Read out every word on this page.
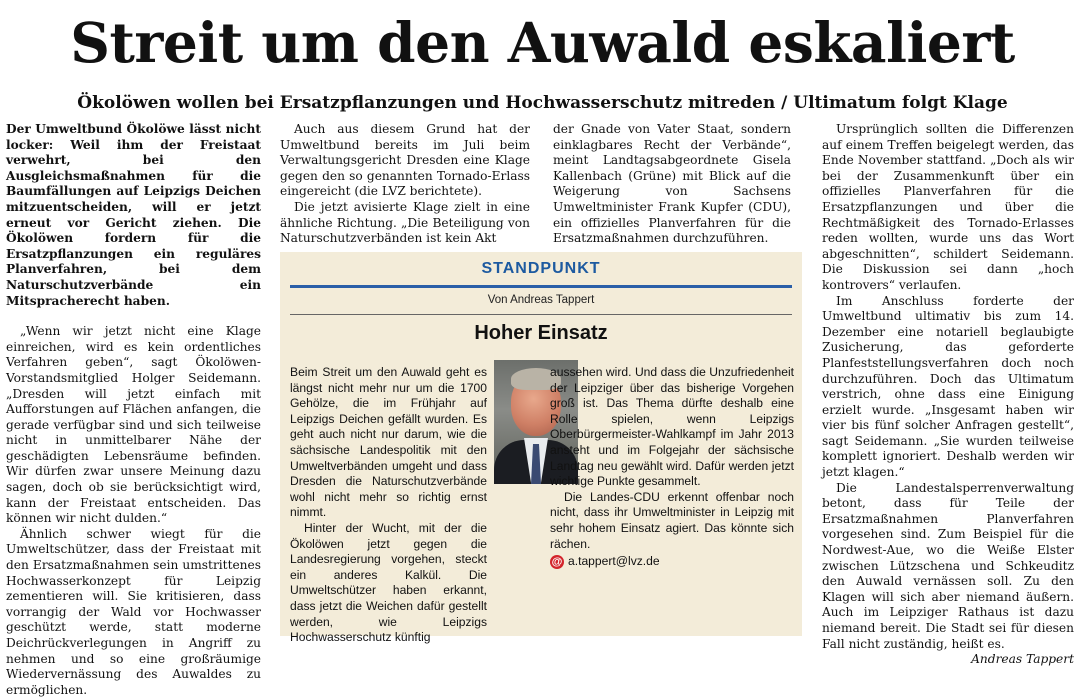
Streit um den Auwald eskaliert
Ökolöwen wollen bei Ersatzpflanzungen und Hochwasserschutz mitreden / Ultimatum folgt Klage

Der Umweltbund Ökolöwe lässt nicht locker: Weil ihm der Freistaat verwehrt, bei den Ausgleichsmaßnahmen für die Baumfällungen auf Leipzigs Deichen mitzuentscheiden, will er jetzt erneut vor Gericht ziehen. Die Ökolöwen fordern für die Ersatzpflanzungen ein reguläres Planverfahren, bei dem Naturschutzverbände ein Mitspracherecht haben.

„Wenn wir jetzt nicht eine Klage einreichen, wird es kein ordentliches Verfahren geben“, sagt Ökolöwen-Vorstandsmitglied Holger Seidemann. „Dresden will jetzt einfach mit Aufforstungen auf Flächen anfangen, die gerade verfügbar sind und sich teilweise nicht in unmittelbarer Nähe der geschädigten Lebensräume befinden. Wir dürfen zwar unsere Meinung dazu sagen, doch ob sie berücksichtigt wird, kann der Freistaat entscheiden. Das können wir nicht dulden.“

Ähnlich schwer wiegt für die Umweltschützer, dass der Freistaat mit den Ersatzmaßnahmen sein umstrittenes Hochwasserkonzept für Leipzig zementieren will. Sie kritisieren, dass vorrangig der Wald vor Hochwasser geschützt werde, statt moderne Deichrückverlegungen in Angriff zu nehmen und so eine großräumige Wiedervernässung des Auwaldes zu ermöglichen.

Auch aus diesem Grund hat der Umweltbund bereits im Juli beim Verwaltungsgericht Dresden eine Klage gegen den so genannten Tornado-Erlass eingereicht (die LVZ berichtete).

Die jetzt avisierte Klage zielt in eine ähnliche Richtung. „Die Beteiligung von Naturschutzverbänden ist kein Akt

der Gnade von Vater Staat, sondern einklagbares Recht der Verbände“, meint Landtagsabgeordnete Gisela Kallenbach (Grüne) mit Blick auf die Weigerung von Sachsens Umweltminister Frank Kupfer (CDU), ein offizielles Planverfahren für die Ersatzmaßnahmen durchzuführen.

Ursprünglich sollten die Differenzen auf einem Treffen beigelegt werden, das Ende November stattfand. „Doch als wir bei der Zusammenkunft über ein offizielles Planverfahren für die Ersatzpflanzungen und über die Rechtmäßigkeit des Tornado-Erlasses reden wollten, wurde uns das Wort abgeschnitten“, schildert Seidemann. Die Diskussion sei dann „hoch kontrovers“ verlaufen.

Im Anschluss forderte der Umweltbund ultimativ bis zum 14. Dezember eine notariell beglaubigte Zusicherung, das geforderte Planfeststellungsverfahren doch noch durchzuführen. Doch das Ultimatum verstrich, ohne dass eine Einigung erzielt wurde. „Insgesamt haben wir vier bis fünf solcher Anfragen gestellt“, sagt Seidemann. „Sie wurden teilweise komplett ignoriert. Deshalb werden wir jetzt klagen.“

Die Landestalsperrenverwaltung betont, dass für Teile der Ersatzmaßnahmen Planverfahren vorgesehen sind. Zum Beispiel für die Nordwest-Aue, wo die Weiße Elster zwischen Lützschena und Schkeuditz den Auwald vernässen soll. Zu den Klagen will sich aber niemand äußern. Auch im Leipziger Rathaus ist dazu niemand bereit. Die Stadt sei für diesen Fall nicht zuständig, heißt es.

Andreas Tappert

STANDPUNKT
Von Andreas Tappert
Hoher Einsatz

Beim Streit um den Auwald geht es längst nicht mehr nur um die 1700 Gehölze, die im Frühjahr auf Leipzigs Deichen gefällt wurden. Es geht auch nicht nur darum, wie die sächsische Landespolitik mit den Umweltverbänden umgeht und dass Dresden die Naturschutzverbände wohl nicht mehr so richtig ernst nimmt.

Hinter der Wucht, mit der die Ökolöwen jetzt gegen die Landesregierung vorgehen, steckt ein anderes Kalkül. Die Umweltschützer haben erkannt, dass jetzt die Weichen dafür gestellt werden, wie Leipzigs Hochwasserschutz künftig

aussehen wird. Und dass die Unzufriedenheit der Leipziger über das bisherige Vorgehen groß ist. Das Thema dürfte deshalb eine Rolle spielen, wenn Leipzigs Oberbürgermeister-Wahlkampf im Jahr 2013 ansteht und im Folgejahr der sächsische Landtag neu gewählt wird. Dafür werden jetzt wichtige Punkte gesammelt.

Die Landes-CDU erkennt offenbar noch nicht, dass ihr Umweltminister in Leipzig mit sehr hohem Einsatz agiert. Das könnte sich rächen.

@ a.tappert@lvz.de
